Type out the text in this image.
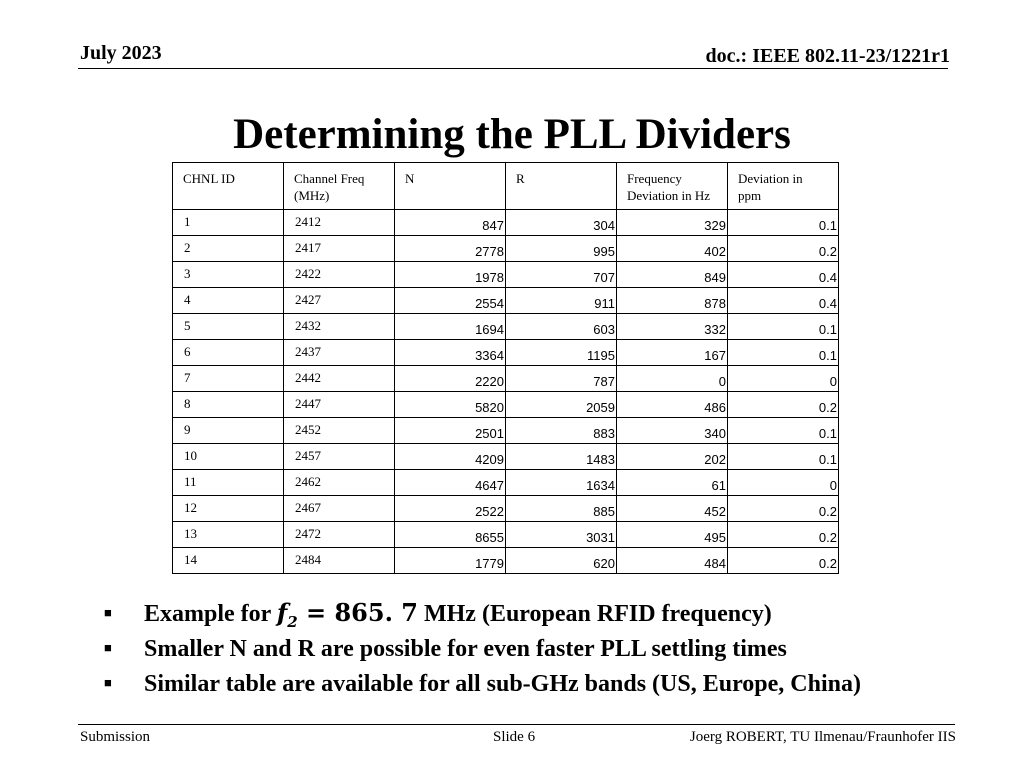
July 2023	doc.: IEEE 802.11-23/1221r1
Determining the PLL Dividers
CHNL ID	Channel Freq (MHz)	N	R	Frequency Deviation in Hz	Deviation in ppm
1	2412	847	304	329	0.1
2	2417	2778	995	402	0.2
3	2422	1978	707	849	0.4
4	2427	2554	911	878	0.4
5	2432	1694	603	332	0.1
6	2437	3364	1195	167	0.1
7	2442	2220	787	0	0
8	2447	5820	2059	486	0.2
9	2452	2501	883	340	0.1
10	2457	4209	1483	202	0.1
11	2462	4647	1634	61	0
12	2467	2522	885	452	0.2
13	2472	8655	3031	495	0.2
14	2484	1779	620	484	0.2
■ Example for $f_2 = 865$. 7 MHz (European RFID frequency)
■ Smaller N and R are possible for even faster PLL settling times
■ Similar table are available for all sub-GHz bands (US, Europe, China)
Submission	Slide 6	Joerg ROBERT, TU Ilmenau/Fraunhofer IIS
